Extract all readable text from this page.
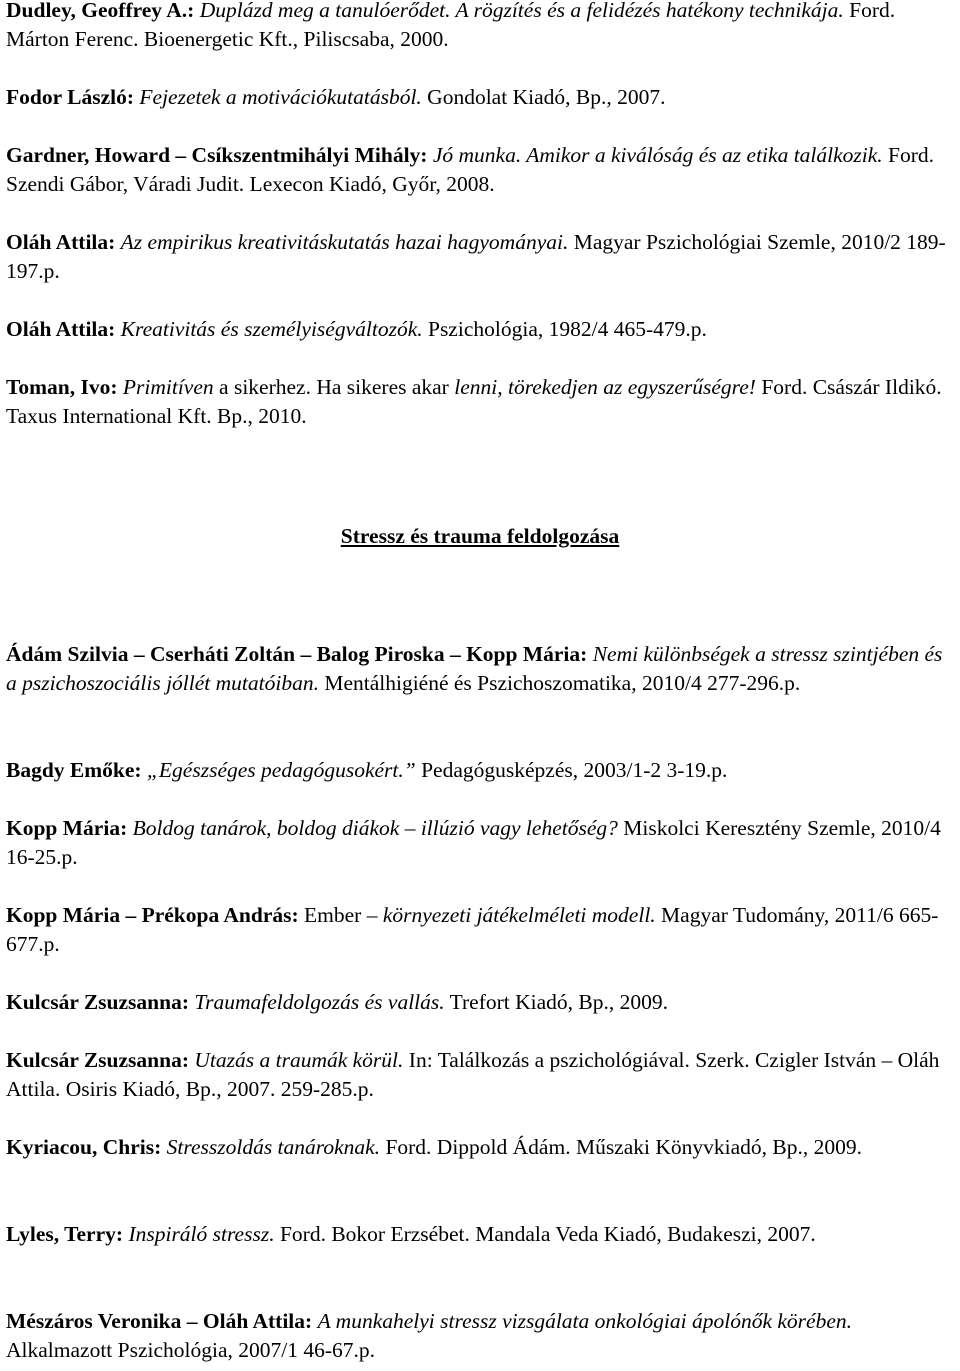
Dudley, Geoffrey A.: Duplázd meg a tanulóerődet. A rögzítés és a felidézés hatékony technikája. Ford. Márton Ferenc. Bioenergetic Kft., Piliscsaba, 2000.

Fodor László: Fejezetek a motivációkutatásból. Gondolat Kiadó, Bp., 2007.

Gardner, Howard – Csíkszentmihályi Mihály: Jó munka. Amikor a kiválóság és az etika találkozik. Ford. Szendi Gábor, Váradi Judit. Lexecon Kiadó, Győr, 2008.

Oláh Attila: Az empirikus kreativitáskutatás hazai hagyományai. Magyar Pszichológiai Szemle, 2010/2 189-197.p.

Oláh Attila: Kreativitás és személyiségváltozók. Pszichológia, 1982/4 465-479.p.

Toman, Ivo: Primitíven a sikerhez. Ha sikeres akar lenni, törekedjen az egyszerűségre! Ford. Császár Ildikó. Taxus International Kft. Bp., 2010.

Stressz és trauma feldolgozása

Ádám Szilvia – Cserháti Zoltán – Balog Piroska – Kopp Mária: Nemi különbségek a stressz szintjében és a pszichoszociális jóllét mutatóiban. Mentálhigiéné és Pszichoszomatika, 2010/4 277-296.p.

Bagdy Emőke: „Egészséges pedagógusokért.” Pedagógusképzés, 2003/1-2 3-19.p.

Kopp Mária: Boldog tanárok, boldog diákok – illúzió vagy lehetőség? Miskolci Keresztény Szemle, 2010/4 16-25.p.

Kopp Mária – Prékopa András: Ember – környezeti játékelméleti modell. Magyar Tudomány, 2011/6 665-677.p.

Kulcsár Zsuzsanna: Traumafeldolgozás és vallás. Trefort Kiadó, Bp., 2009.

Kulcsár Zsuzsanna: Utazás a traumák körül. In: Találkozás a pszichológiával. Szerk. Czigler István – Oláh Attila. Osiris Kiadó, Bp., 2007. 259-285.p.

Kyriacou, Chris: Stresszoldás tanároknak. Ford. Dippold Ádám. Műszaki Könyvkiadó, Bp., 2009.

Lyles, Terry: Inspiráló stressz. Ford. Bokor Erzsébet. Mandala Veda Kiadó, Budakeszi, 2007.

Mészáros Veronika – Oláh Attila: A munkahelyi stressz vizsgálata onkológiai ápolónők körében. Alkalmazott Pszichológia, 2007/1 46-67.p.
